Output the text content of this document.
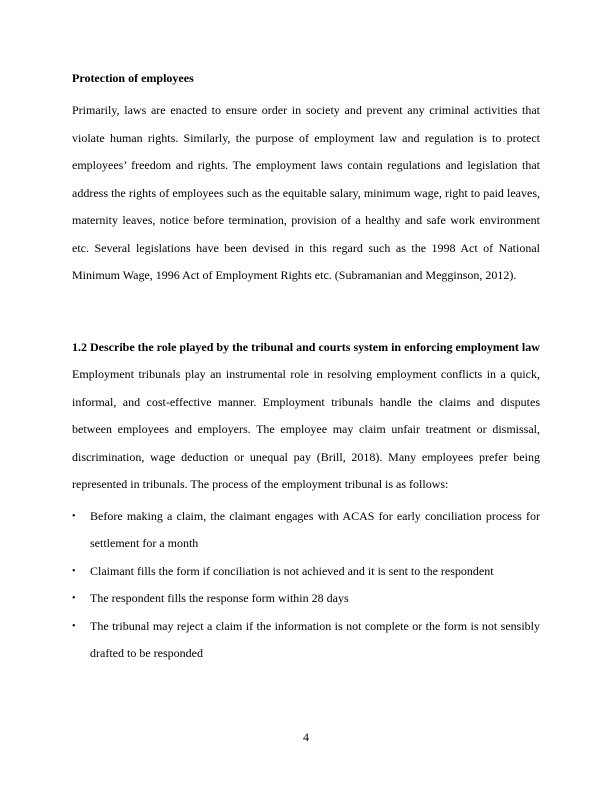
Protection of employees

Primarily, laws are enacted to ensure order in society and prevent any criminal activities that violate human rights. Similarly, the purpose of employment law and regulation is to protect employees’ freedom and rights. The employment laws contain regulations and legislation that address the rights of employees such as the equitable salary, minimum wage, right to paid leaves, maternity leaves, notice before termination, provision of a healthy and safe work environment etc. Several legislations have been devised in this regard such as the 1998 Act of National Minimum Wage, 1996 Act of Employment Rights etc. (Subramanian and Megginson, 2012).

1.2 Describe the role played by the tribunal and courts system in enforcing employment law

Employment tribunals play an instrumental role in resolving employment conflicts in a quick, informal, and cost-effective manner. Employment tribunals handle the claims and disputes between employees and employers. The employee may claim unfair treatment or dismissal, discrimination, wage deduction or unequal pay (Brill, 2018). Many employees prefer being represented in tribunals. The process of the employment tribunal is as follows:

•	Before making a claim, the claimant engages with ACAS for early conciliation process for settlement for a month
•	Claimant fills the form if conciliation is not achieved and it is sent to the respondent
•	The respondent fills the response form within 28 days
•	The tribunal may reject a claim if the information is not complete or the form is not sensibly drafted to be responded
4
